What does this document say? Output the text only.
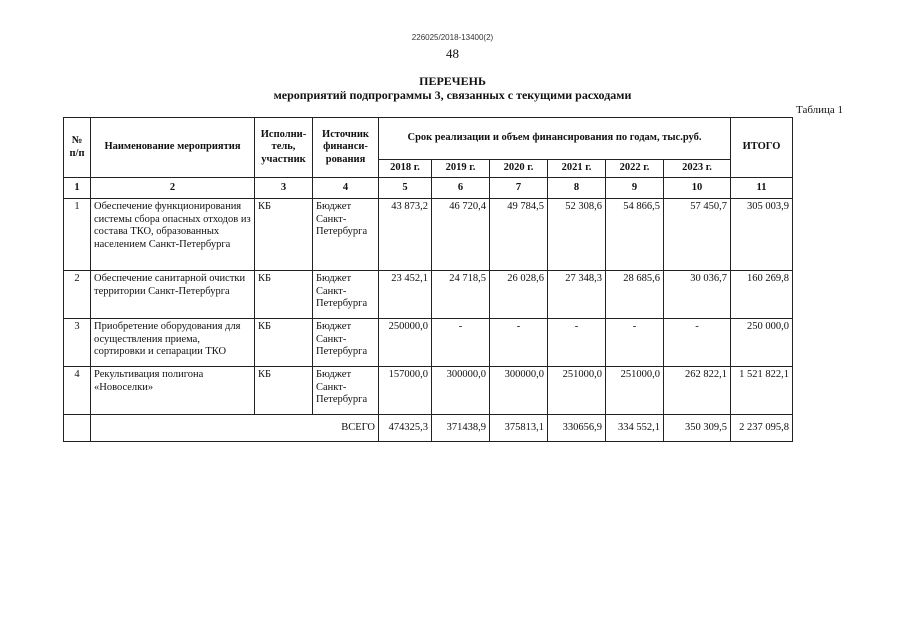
226025/2018-13400(2)
48
ПЕРЕЧЕНЬ
мероприятий подпрограммы 3, связанных с текущими расходами
Таблица 1
№ п/п	Наименование мероприятия	Исполни- тель, участник	Источник финанси- рования	Срок реализации и объем финансирования по годам, тыс.руб.						ИТОГО
				2018 г.	2019 г.	2020 г.	2021 г.	2022 г.	2023 г.	
1	2	3	4	5	6	7	8	9	10	11
1	Обеспечение функционирования системы сбора опасных отходов из состава ТКО, образованных населением Санкт-Петербурга	КБ	Бюджет Санкт-Петербурга	43 873,2	46 720,4	49 784,5	52 308,6	54 866,5	57 450,7	305 003,9
2	Обеспечение санитарной очистки территории Санкт-Петербурга	КБ	Бюджет Санкт-Петербурга	23 452,1	24 718,5	26 028,6	27 348,3	28 685,6	30 036,7	160 269,8
3	Приобретение оборудования для осуществления приема, сортировки и сепарации ТКО	КБ	Бюджет Санкт-Петербурга	250000,0	-	-	-	-	-	250 000,0
4	Рекультивация полигона «Новоселки»	КБ	Бюджет Санкт-Петербурга	157000,0	300000,0	300000,0	251000,0	251000,0	262 822,1	1 521 822,1
	ВСЕГО			474325,3	371438,9	375813,1	330656,9	334 552,1	350 309,5	2 237 095,8
